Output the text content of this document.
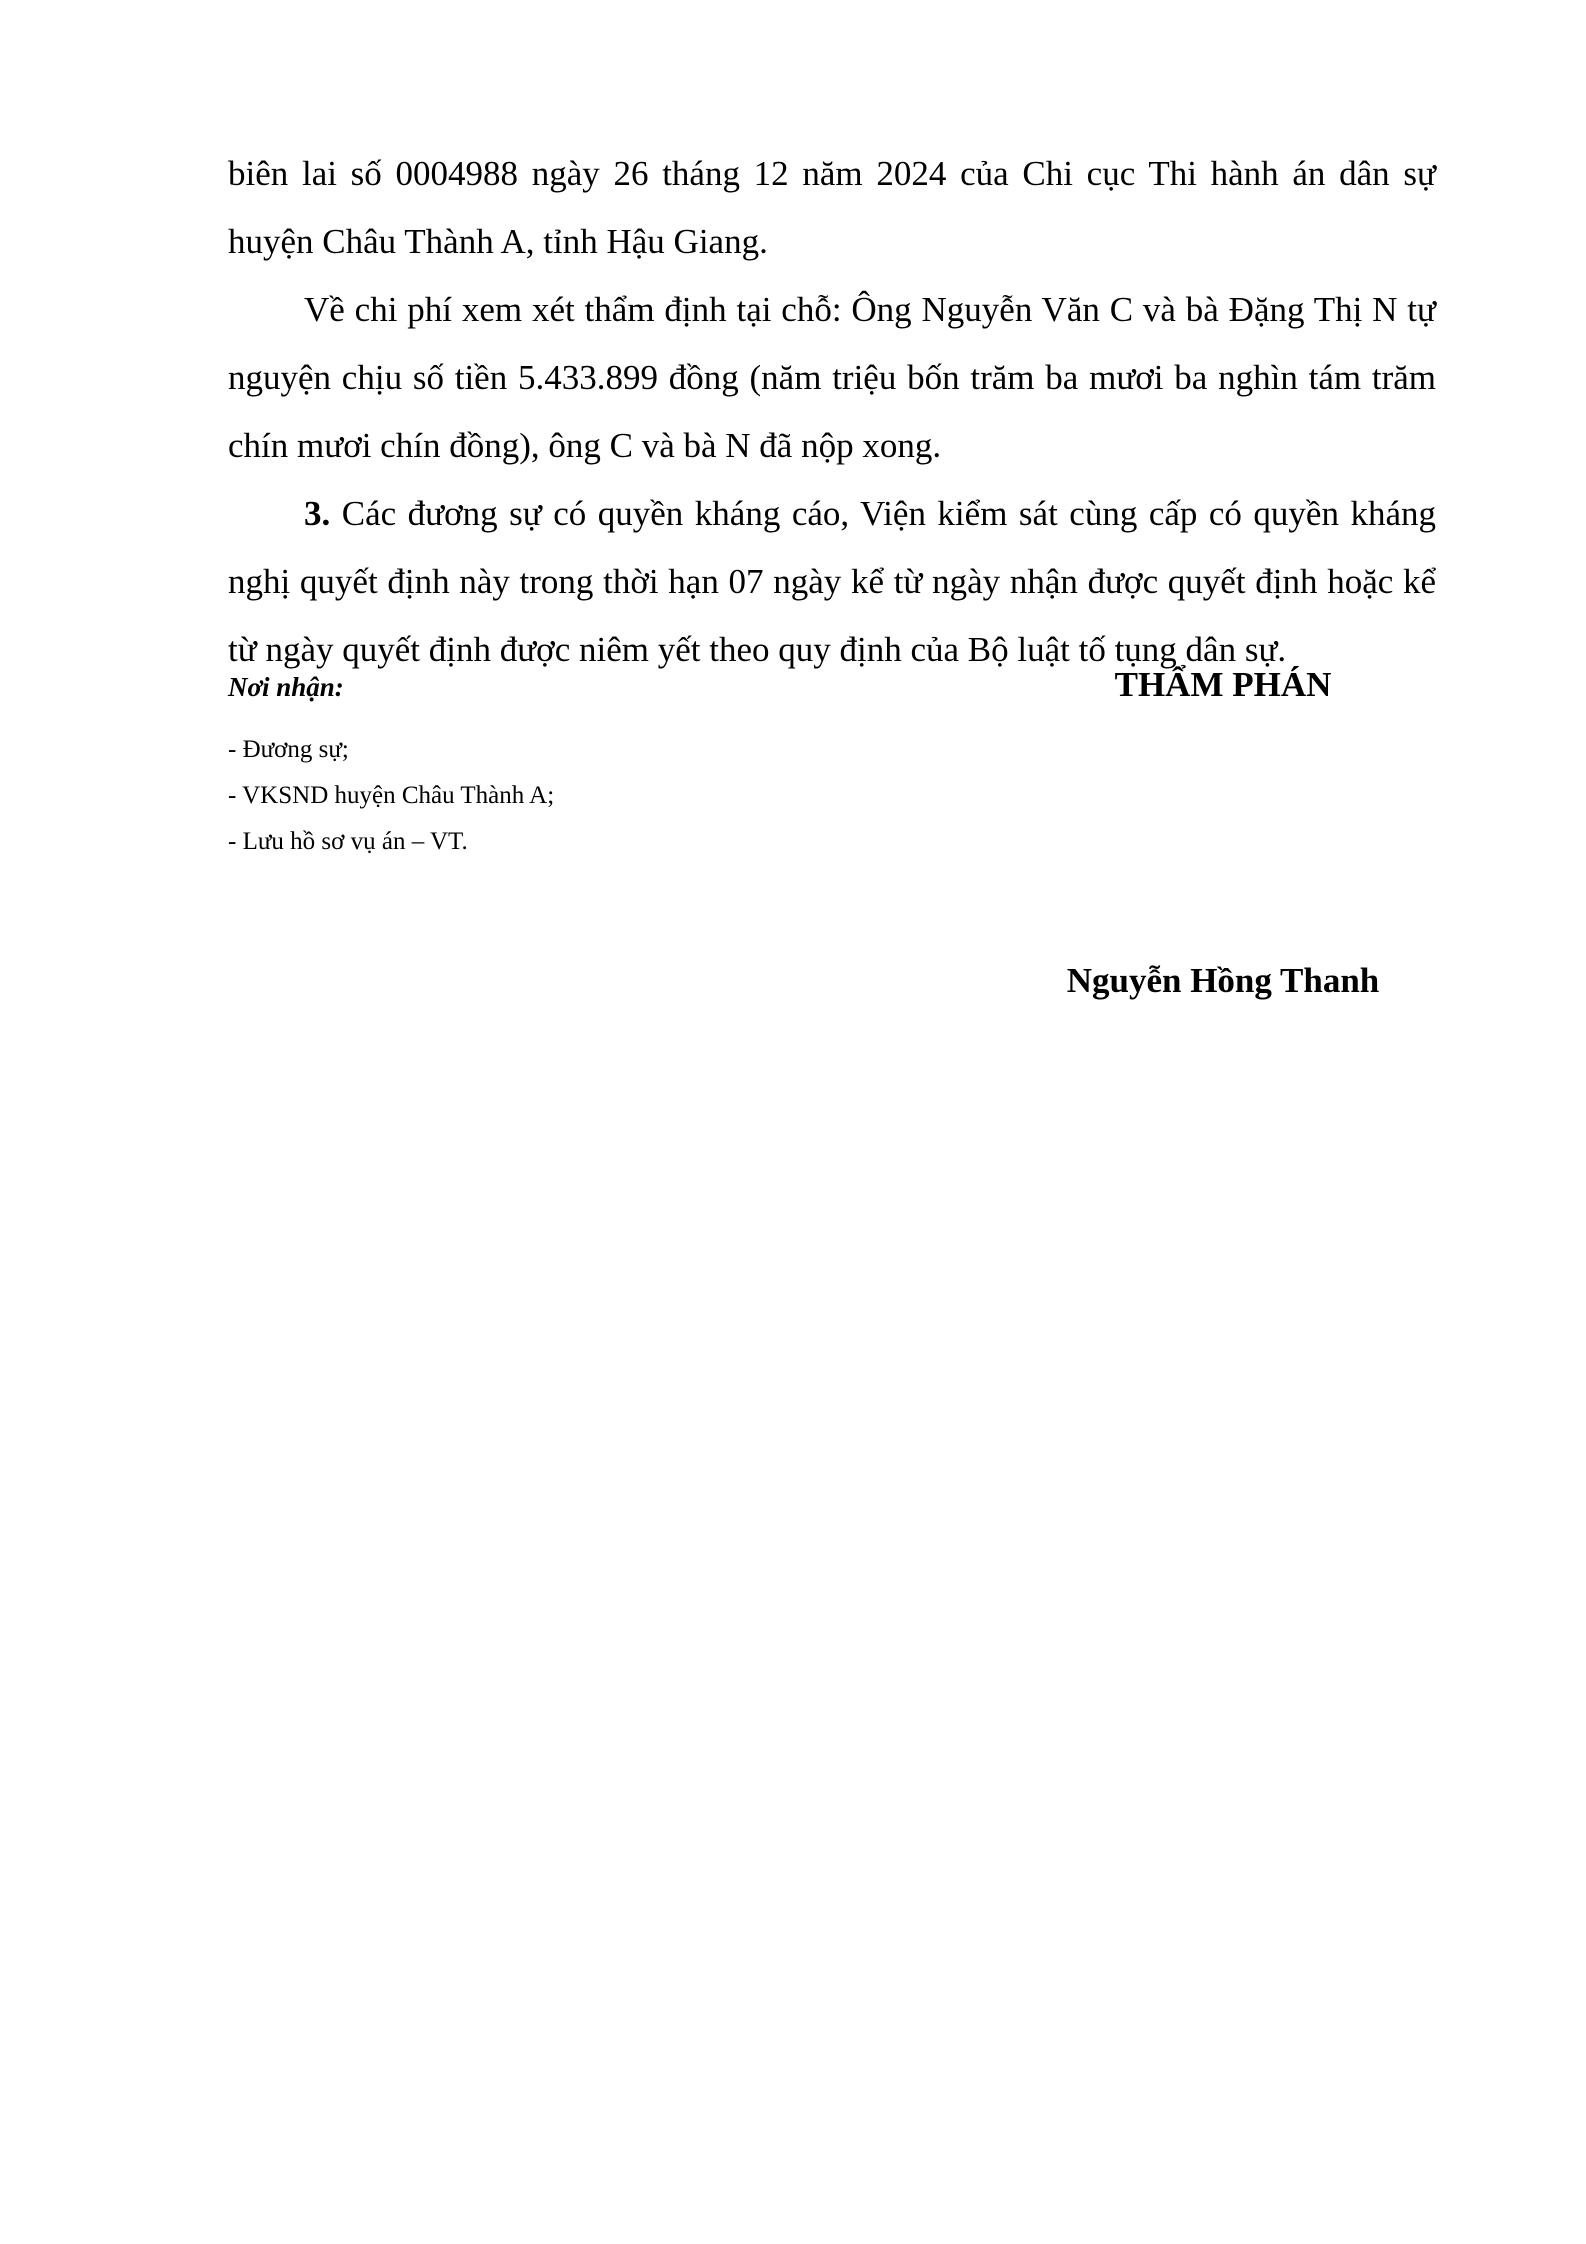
biên lai số 0004988 ngày 26 tháng 12 năm 2024 của Chi cục Thi hành án dân sự huyện Châu Thành A, tỉnh Hậu Giang.

Về chi phí xem xét thẩm định tại chỗ: Ông Nguyễn Văn C và bà Đặng Thị N tự nguyện chịu số tiền 5.433.899 đồng (năm triệu bốn trăm ba mươi ba nghìn tám trăm chín mươi chín đồng), ông C và bà N đã nộp xong.

3. Các đương sự có quyền kháng cáo, Viện kiểm sát cùng cấp có quyền kháng nghị quyết định này trong thời hạn 07 ngày kể từ ngày nhận được quyết định hoặc kể từ ngày quyết định được niêm yết theo quy định của Bộ luật tố tụng dân sự.

Nơi nhận:

- Đương sự;
- VKSND huyện Châu Thành A;
- Lưu hồ sơ vụ án – VT.

THẨM PHÁN

Nguyễn Hồng Thanh
